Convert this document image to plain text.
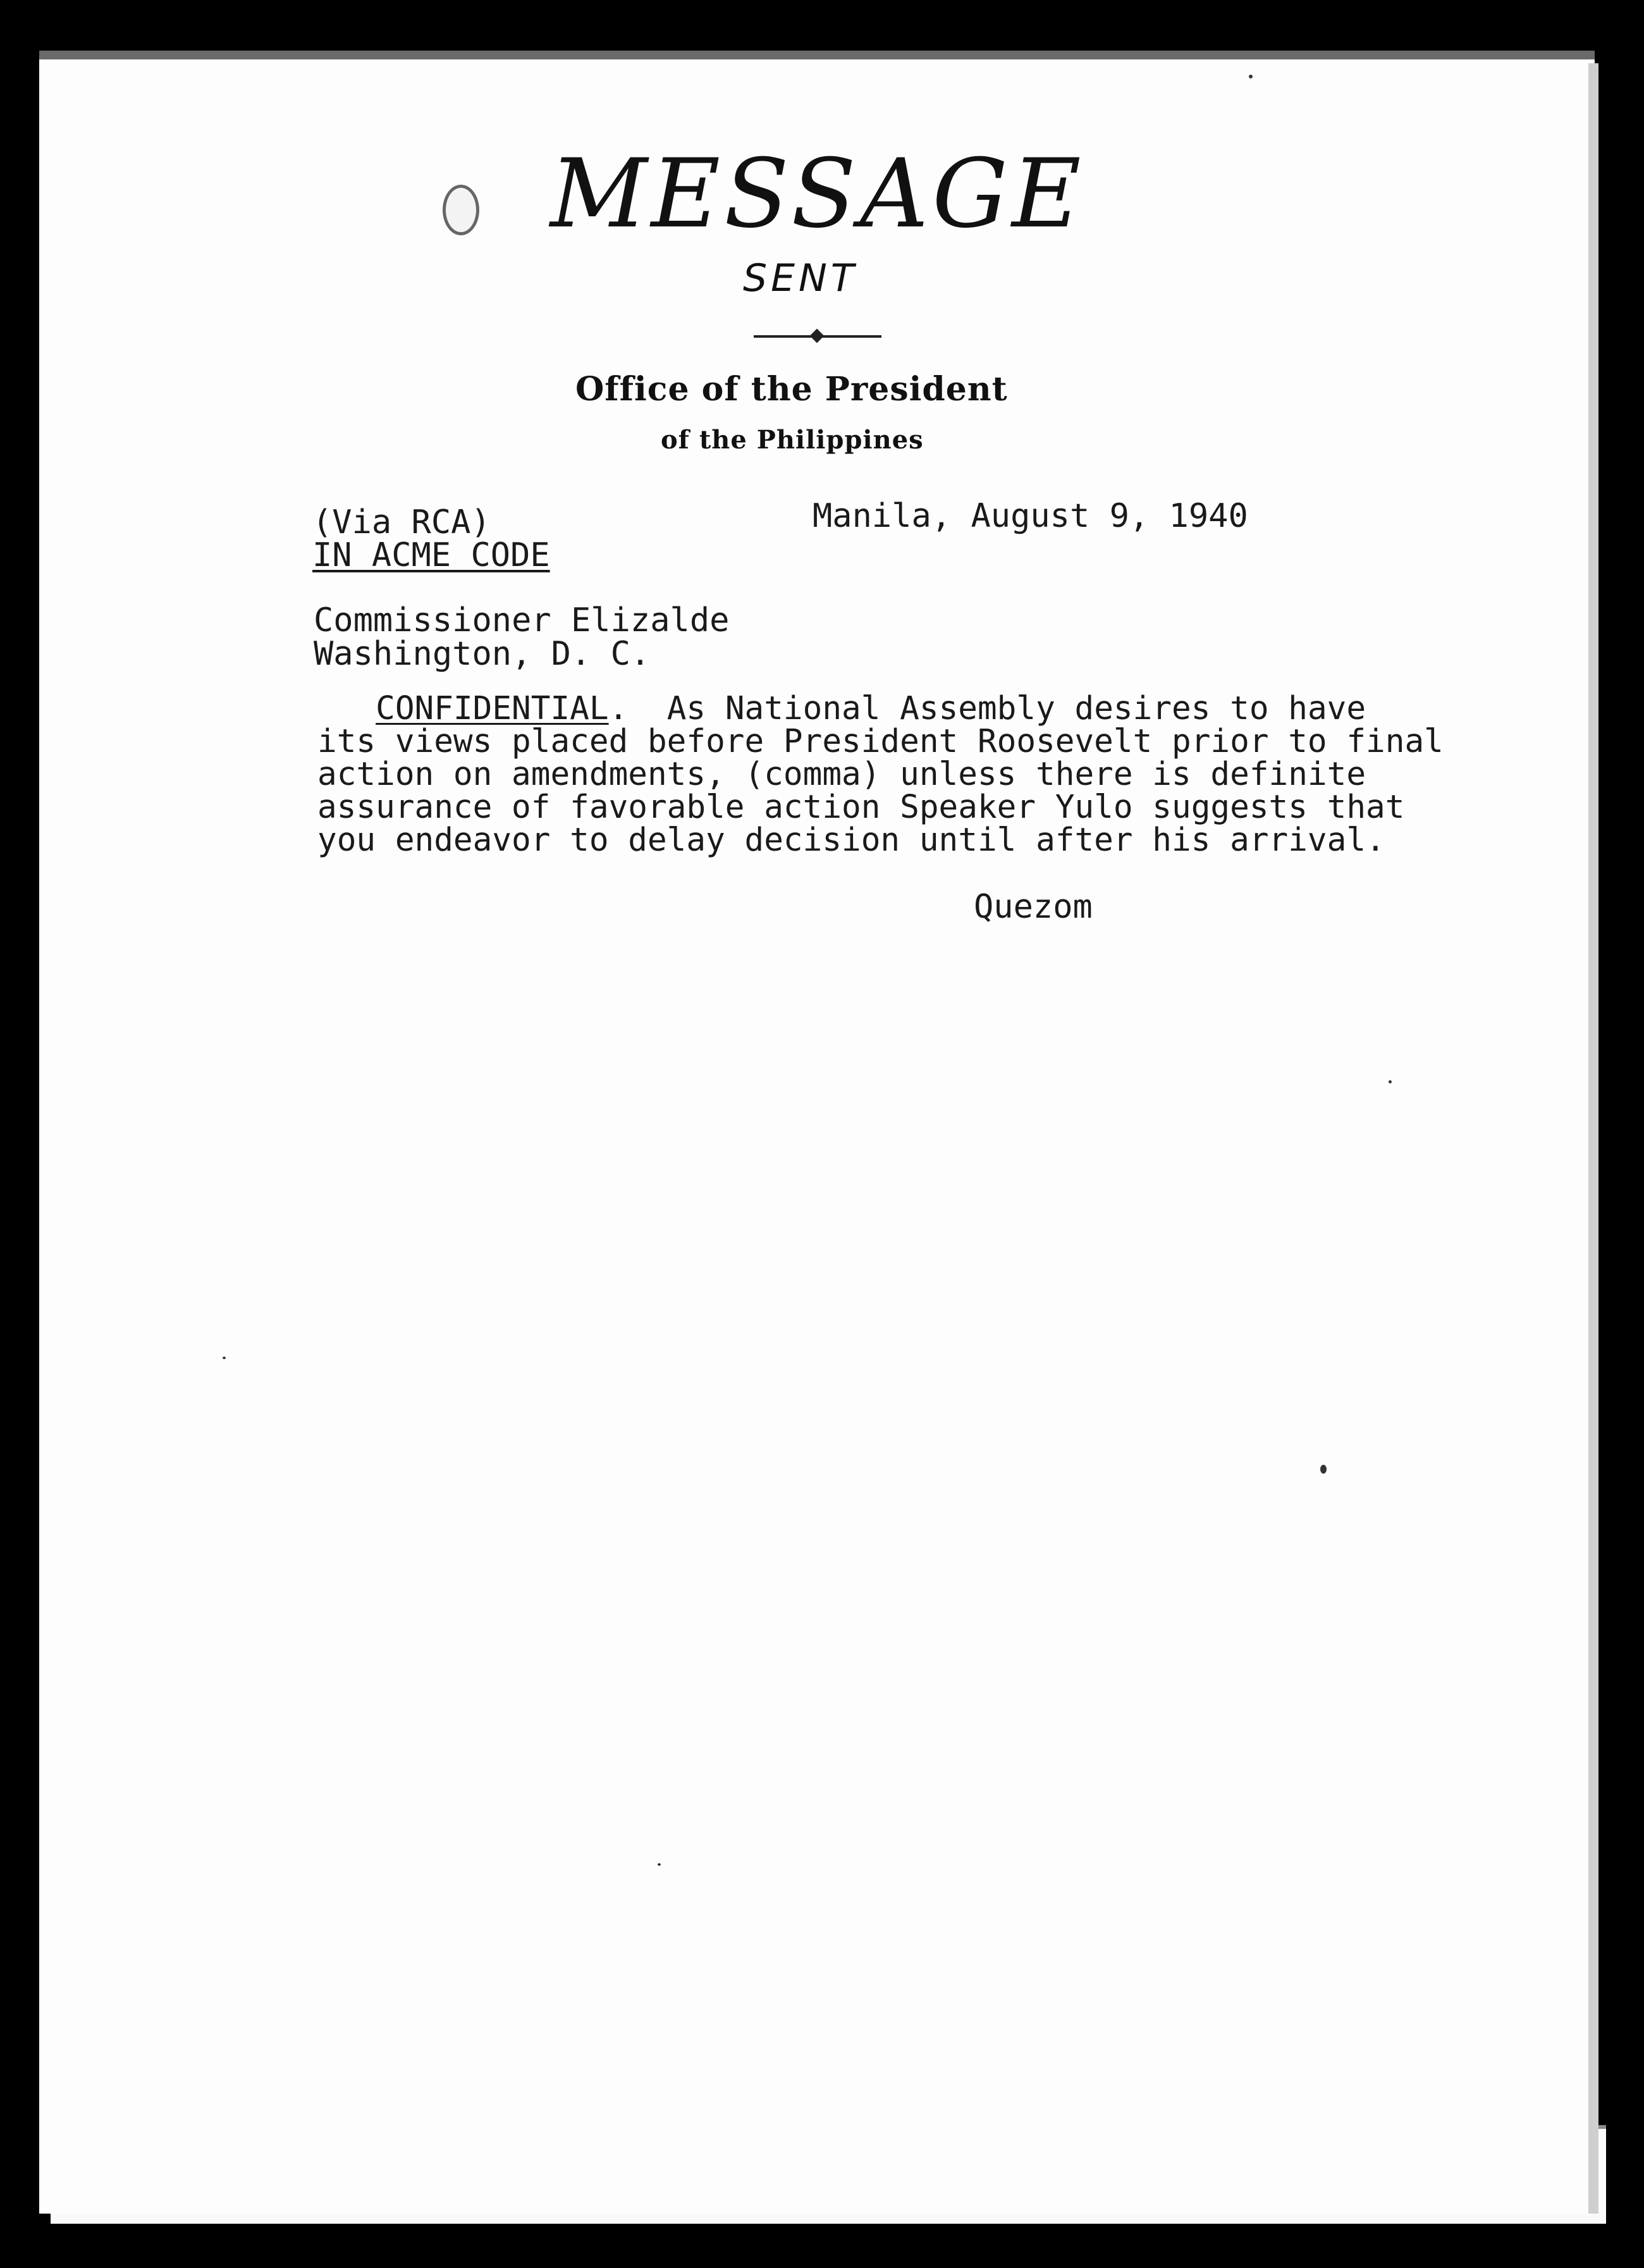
MESSAGE
SENT
Office of the President
of the Philippines
(Via RCA)
IN ACME CODE
Manila, August 9, 1940
Commissioner Elizalde
Washington, D. C.
CONFIDENTIAL.  As National Assembly desires to have
its views placed before President Roosevelt prior to final
action on amendments, (comma) unless there is definite
assurance of favorable action Speaker Yulo suggests that
you endeavor to delay decision until after his arrival.
Quezom
